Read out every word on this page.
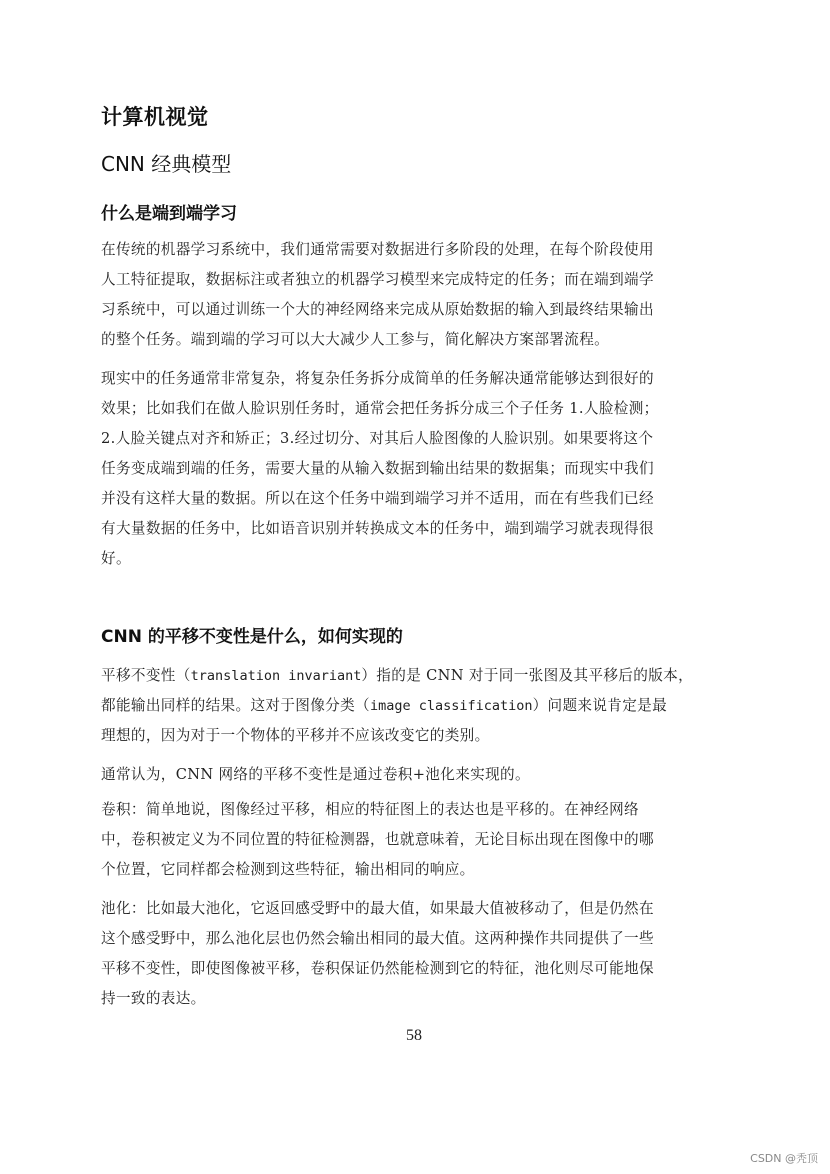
计算机视觉
CNN 经典模型
什么是端到端学习
在传统的机器学习系统中，我们通常需要对数据进行多阶段的处理，在每个阶段使用
人工特征提取，数据标注或者独立的机器学习模型来完成特定的任务；而在端到端学
习系统中，可以通过训练一个大的神经网络来完成从原始数据的输入到最终结果输出
的整个任务。端到端的学习可以大大减少人工参与，简化解决方案部署流程。
现实中的任务通常非常复杂，将复杂任务拆分成简单的任务解决通常能够达到很好的
效果；比如我们在做人脸识别任务时，通常会把任务拆分成三个子任务 1.人脸检测；
2.人脸关键点对齐和矫正；3.经过切分、对其后人脸图像的人脸识别。如果要将这个
任务变成端到端的任务，需要大量的从输入数据到输出结果的数据集；而现实中我们
并没有这样大量的数据。所以在这个任务中端到端学习并不适用，而在有些我们已经
有大量数据的任务中，比如语音识别并转换成文本的任务中，端到端学习就表现得很
好。
CNN 的平移不变性是什么，如何实现的
平移不变性（translation invariant）指的是 CNN 对于同一张图及其平移后的版本，
都能输出同样的结果。这对于图像分类（image classification）问题来说肯定是最
理想的，因为对于一个物体的平移并不应该改变它的类别。
通常认为，CNN 网络的平移不变性是通过卷积+池化来实现的。
卷积：简单地说，图像经过平移，相应的特征图上的表达也是平移的。在神经网络
中，卷积被定义为不同位置的特征检测器，也就意味着，无论目标出现在图像中的哪
个位置，它同样都会检测到这些特征，输出相同的响应。
池化：比如最大池化，它返回感受野中的最大值，如果最大值被移动了，但是仍然在
这个感受野中，那么池化层也仍然会输出相同的最大值。这两种操作共同提供了一些
平移不变性，即使图像被平移，卷积保证仍然能检测到它的特征，池化则尽可能地保
持一致的表达。
58
CSDN @秃顶
